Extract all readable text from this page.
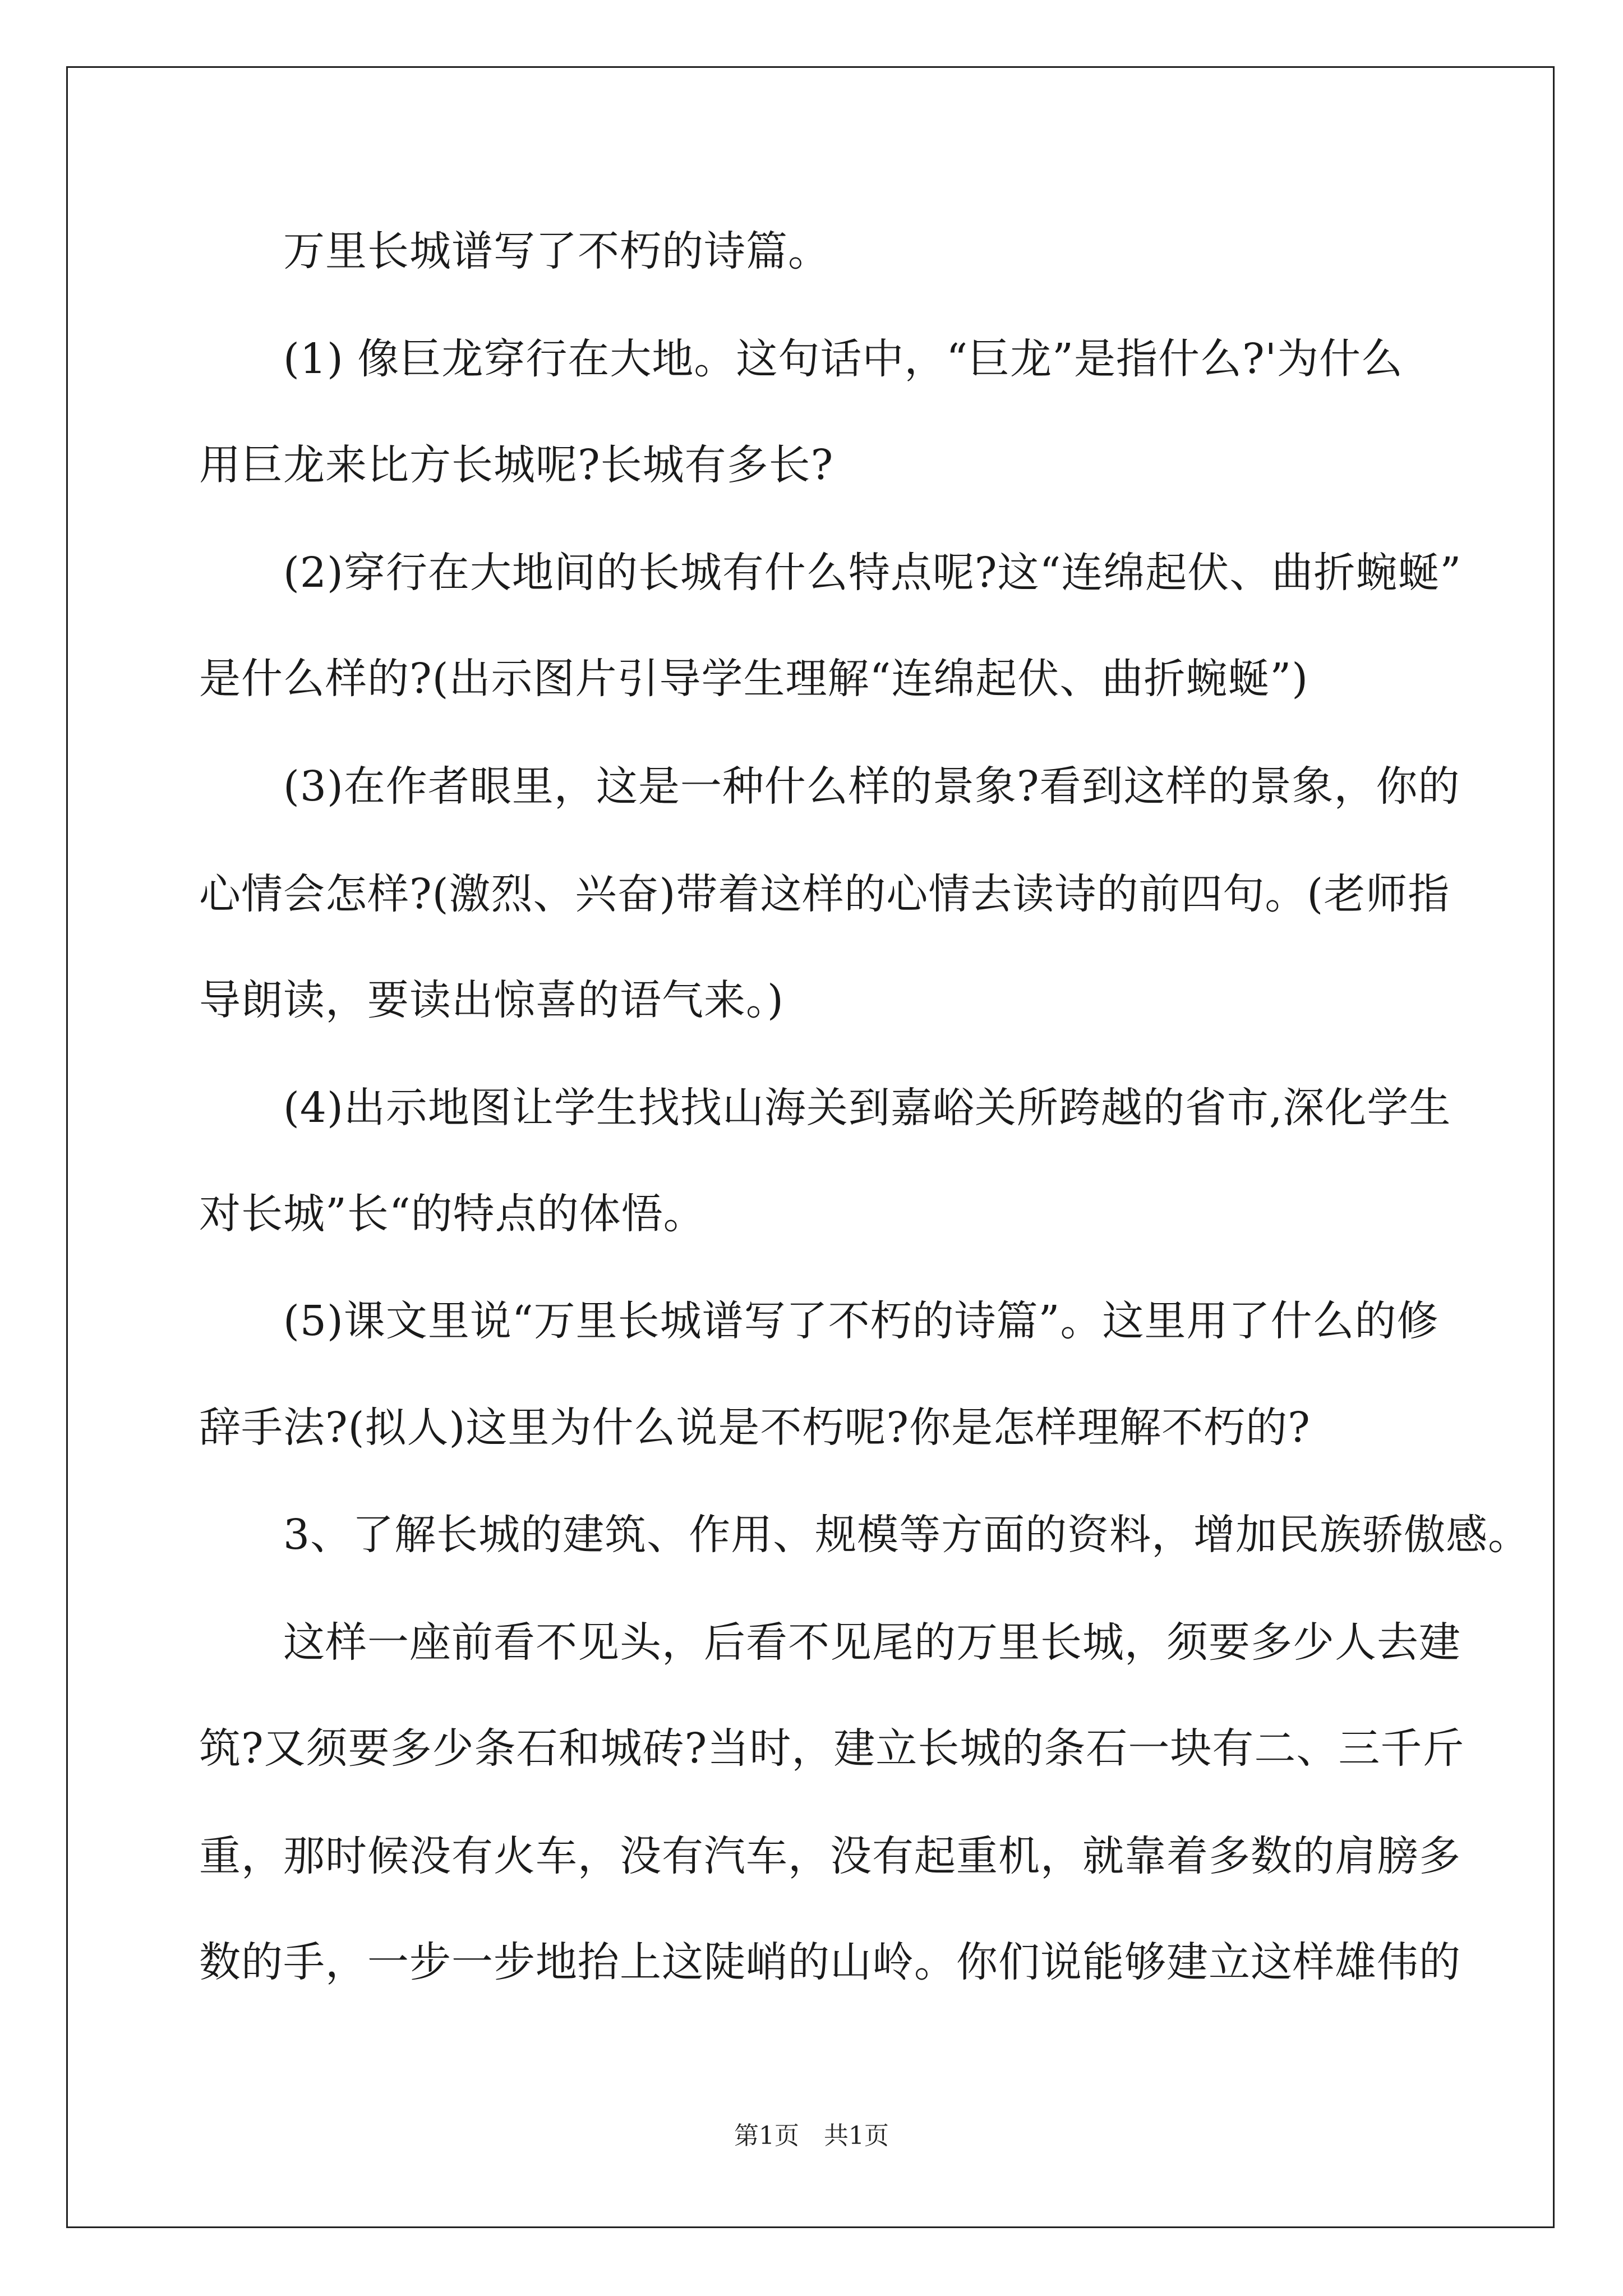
万里长城谱写了不朽的诗篇。
(1) 像巨龙穿行在大地。这句话中，“巨龙”是指什么?'为什么
用巨龙来比方长城呢?长城有多长?
(2)穿行在大地间的长城有什么特点呢?这“连绵起伏、曲折蜿蜒”
是什么样的?(出示图片引导学生理解“连绵起伏、曲折蜿蜒”)
(3)在作者眼里，这是一种什么样的景象?看到这样的景象，你的
心情会怎样?(激烈、兴奋)带着这样的心情去读诗的前四句。(老师指
导朗读，要读出惊喜的语气来。)
(4)出示地图让学生找找山海关到嘉峪关所跨越的省市,深化学生
对长城”长“的特点的体悟。
(5)课文里说“万里长城谱写了不朽的诗篇”。这里用了什么的修
辞手法?(拟人)这里为什么说是不朽呢?你是怎样理解不朽的?
3、了解长城的建筑、作用、规模等方面的资料，增加民族骄傲感。
这样一座前看不见头，后看不见尾的万里长城，须要多少人去建
筑?又须要多少条石和城砖?当时，建立长城的条石一块有二、三千斤
重，那时候没有火车，没有汽车，没有起重机，就靠着多数的肩膀多
数的手，一步一步地抬上这陡峭的山岭。你们说能够建立这样雄伟的
第1页　共1页
